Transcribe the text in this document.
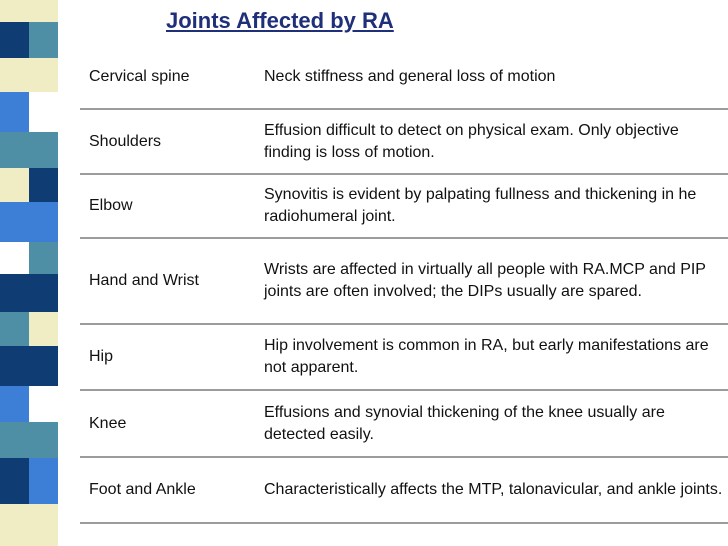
Joints Affected by RA
Cervical spine	Neck stiffness and general loss of motion
Shoulders	Effusion difficult to detect on physical exam. Only objective finding is loss of motion.
Elbow	Synovitis is evident by palpating fullness and thickening in he radiohumeral joint.
Hand and Wrist	Wrists are affected in virtually all people with RA.MCP and PIP joints are often involved; the DIPs usually are spared.
Hip	Hip involvement is common in RA, but early manifestations are not apparent.
Knee	Effusions and synovial thickening of the knee usually are detected easily.
Foot and Ankle	Characteristically affects the MTP, talonavicular, and ankle joints.
